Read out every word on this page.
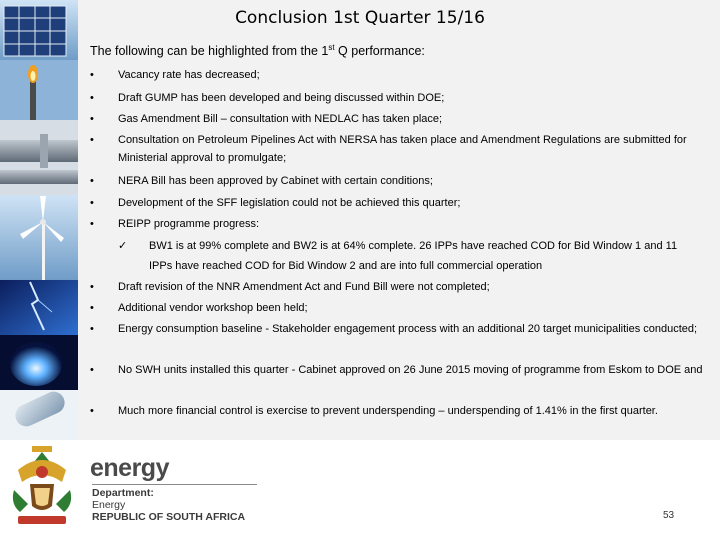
Conclusion 1st Quarter 15/16
The following can be highlighted from the 1st Q performance:
• Vacancy rate has decreased;
• Draft GUMP has been developed and being discussed within DOE;
• Gas Amendment Bill – consultation with NEDLAC has taken place;
• Consultation on Petroleum Pipelines Act with NERSA has taken place and Amendment Regulations are submitted for Ministerial approval to promulgate;
• NERA Bill has been approved by Cabinet with certain conditions;
• Development of the SFF legislation could not be achieved this quarter;
• REIPP programme progress:
✓ BW1 is at 99% complete and BW2 is at 64% complete. 26 IPPs have reached COD for Bid Window 1 and 11 IPPs have reached COD for Bid Window 2 and are into full commercial operation
• Draft revision of the NNR Amendment Act and Fund Bill were not completed;
• Additional vendor workshop been held;
• Energy consumption baseline - Stakeholder engagement process with an additional 20 target municipalities conducted;
• No SWH units installed this quarter - Cabinet approved on 26 June 2015 moving of programme from Eskom to DOE and
• Much more financial control is exercise to prevent underspending – underspending of 1.41% in the first quarter.
energy
Department:
Energy
REPUBLIC OF SOUTH AFRICA	53
